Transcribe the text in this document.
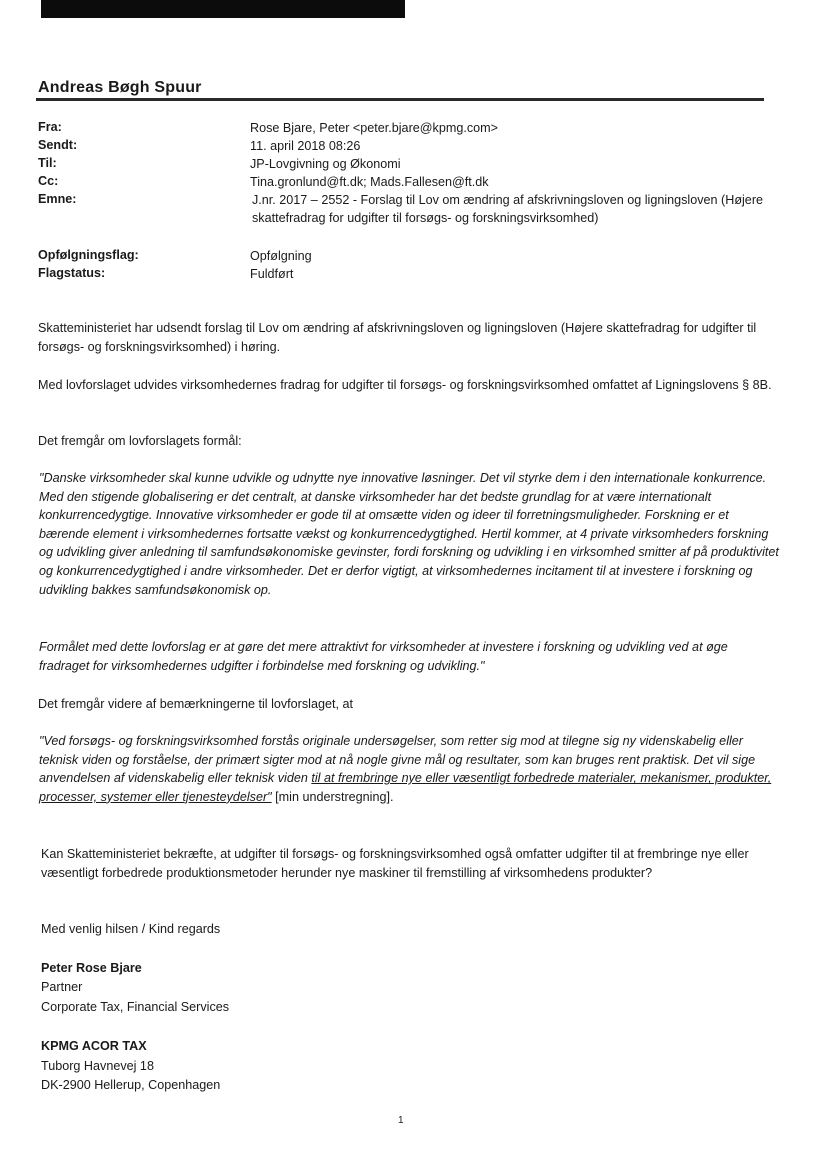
Andreas Bøgh Spuur
Fra:	Rose Bjare, Peter <peter.bjare@kpmg.com>
Sendt:	11. april 2018 08:26
Til:	JP-Lovgivning og Økonomi
Cc:	Tina.gronlund@ft.dk; Mads.Fallesen@ft.dk
Emne:	J.nr. 2017 – 2552 - Forslag til Lov om ændring af afskrivningsloven og ligningsloven (Højere skattefradrag for udgifter til forsøgs- og forskningsvirksomhed)
Opfølgningsflag:	Opfølgning
Flagstatus:	Fuldført
Skatteministeriet har udsendt forslag til Lov om ændring af afskrivningsloven og ligningsloven (Højere skattefradrag for udgifter til forsøgs- og forskningsvirksomhed) i høring.
Med lovforslaget udvides virksomhedernes fradrag for udgifter til forsøgs- og forskningsvirksomhed omfattet af Ligningslovens § 8B.
Det fremgår om lovforslagets formål:
"Danske virksomheder skal kunne udvikle og udnytte nye innovative løsninger. Det vil styrke dem i den internationale konkurrence. Med den stigende globalisering er det centralt, at danske virksomheder har det bedste grundlag for at være internationalt konkurrencedygtige. Innovative virksomheder er gode til at omsætte viden og ideer til forretningsmuligheder. Forskning er et bærende element i virksomhedernes fortsatte vækst og konkurrencedygtighed. Hertil kommer, at 4 private virksomheders forskning og udvikling giver anledning til samfundsøkonomiske gevinster, fordi forskning og udvikling i en virksomhed smitter af på produktivitet og konkurrencedygtighed i andre virksomheder. Det er derfor vigtigt, at virksomhedernes incitament til at investere i forskning og udvikling bakkes samfundsøkonomisk op.
Formålet med dette lovforslag er at gøre det mere attraktivt for virksomheder at investere i forskning og udvikling ved at øge fradraget for virksomhedernes udgifter i forbindelse med forskning og udvikling."
Det fremgår videre af bemærkningerne til lovforslaget, at
"Ved forsøgs- og forskningsvirksomhed forstås originale undersøgelser, som retter sig mod at tilegne sig ny videnskabelig eller teknisk viden og forståelse, der primært sigter mod at nå nogle givne mål og resultater, som kan bruges rent praktisk. Det vil sige anvendelsen af videnskabelig eller teknisk viden til at frembringe nye eller væsentligt forbedrede materialer, mekanismer, produkter, processer, systemer eller tjenesteydelser" [min understregning].
Kan Skatteministeriet bekræfte, at udgifter til forsøgs- og forskningsvirksomhed også omfatter udgifter til at frembringe nye eller væsentligt forbedrede produktionsmetoder herunder nye maskiner til fremstilling af virksomhedens produkter?
Med venlig hilsen / Kind regards
Peter Rose Bjare
Partner
Corporate Tax, Financial Services
KPMG ACOR TAX
Tuborg Havnevej 18
DK-2900 Hellerup, Copenhagen
1
